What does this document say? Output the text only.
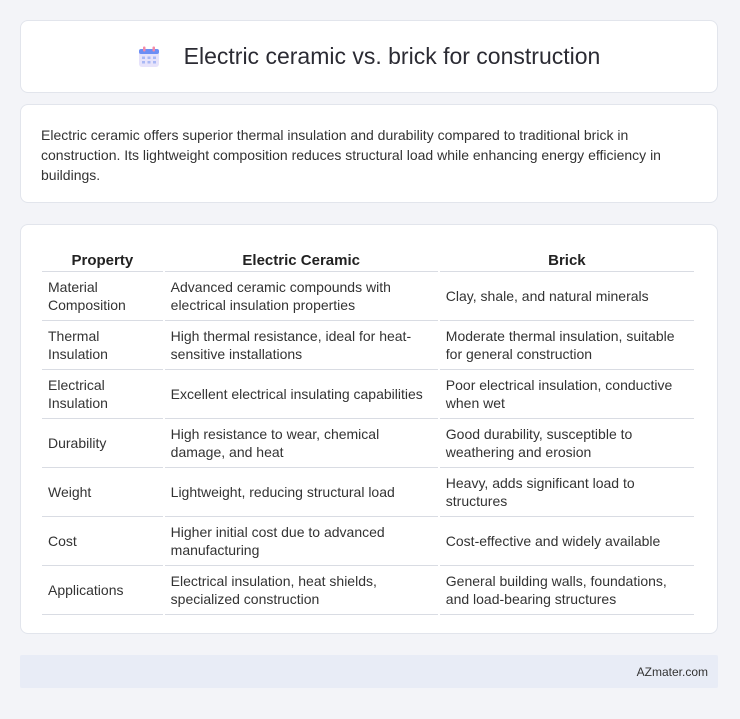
Electric ceramic vs. brick for construction

Electric ceramic offers superior thermal insulation and durability compared to traditional brick in construction. Its lightweight composition reduces structural load while enhancing energy efficiency in buildings.

Property	Electric Ceramic	Brick
Material Composition	Advanced ceramic compounds with electrical insulation properties	Clay, shale, and natural minerals
Thermal Insulation	High thermal resistance, ideal for heat-sensitive installations	Moderate thermal insulation, suitable for general construction
Electrical Insulation	Excellent electrical insulating capabilities	Poor electrical insulation, conductive when wet
Durability	High resistance to wear, chemical damage, and heat	Good durability, susceptible to weathering and erosion
Weight	Lightweight, reducing structural load	Heavy, adds significant load to structures
Cost	Higher initial cost due to advanced manufacturing	Cost-effective and widely available
Applications	Electrical insulation, heat shields, specialized construction	General building walls, foundations, and load-bearing structures
AZmater.com
